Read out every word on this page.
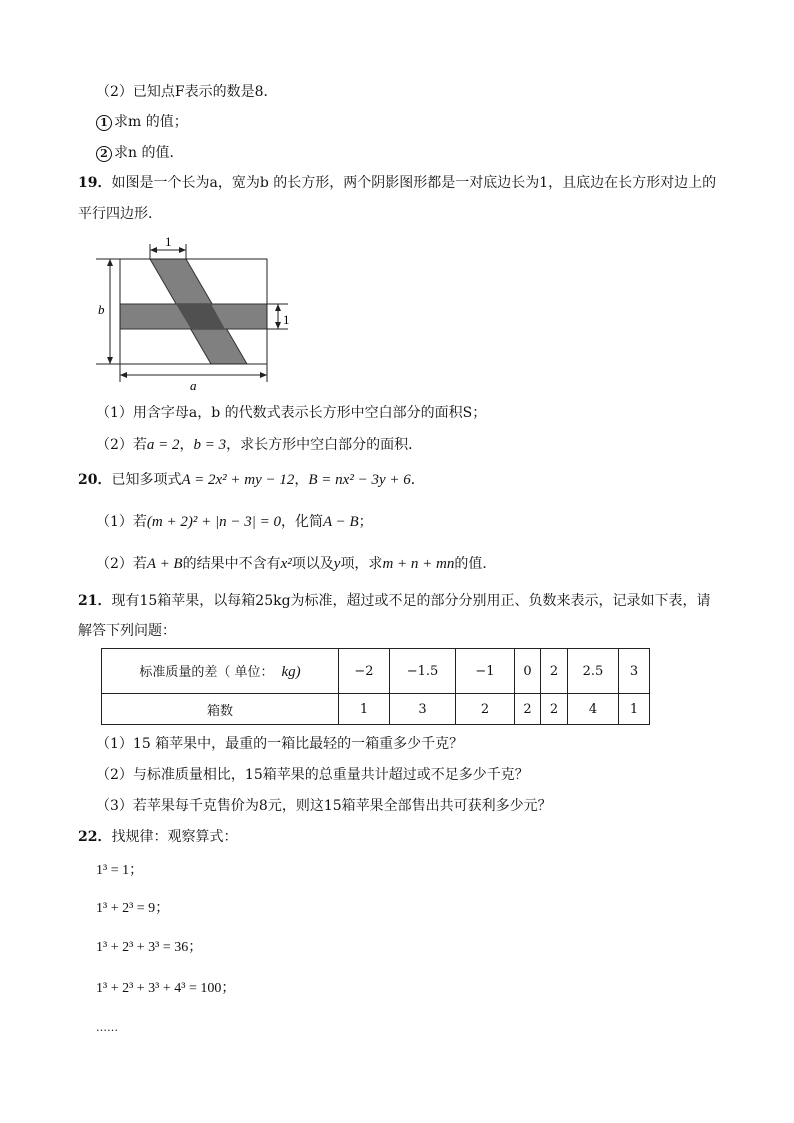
（2）已知点F表示的数是8．
1 求m 的值；
2 求n 的值．
19．如图是一个长为a，宽为b 的长方形，两个阴影图形都是一对底边长为1，且底边在长方形对边上的
平行四边形．
1
1
b
a
（1）用含字母a，b 的代数式表示长方形中空白部分的面积S；
（2）若a = 2，b = 3，求长方形中空白部分的面积．
20．已知多项式A = 2x² + my − 12，B = nx² − 3y + 6．
（1）若(m + 2)² + |n − 3| = 0，化简A − B；
（2）若A + B的结果中不含有x²项以及y项，求m + n + mn的值．
21．现有15箱苹果，以每箱25kg为标准，超过或不足的部分分别用正、负数来表示，记录如下表，请
解答下列问题：
标准质量的差（ 单位： kg)	−2	−1.5	−1	0	2	2.5	3
箱数	1	3	2	2	2	4	1
（1）15 箱苹果中，最重的一箱比最轻的一箱重多少千克？
（2）与标准质量相比，15箱苹果的总重量共计超过或不足多少千克？
（3）若苹果每千克售价为8元，则这15箱苹果全部售出共可获利多少元？
22．找规律：观察算式：
1³ = 1；
1³ + 2³ = 9；
1³ + 2³ + 3³ = 36；
1³ + 2³ + 3³ + 4³ = 100；
……
